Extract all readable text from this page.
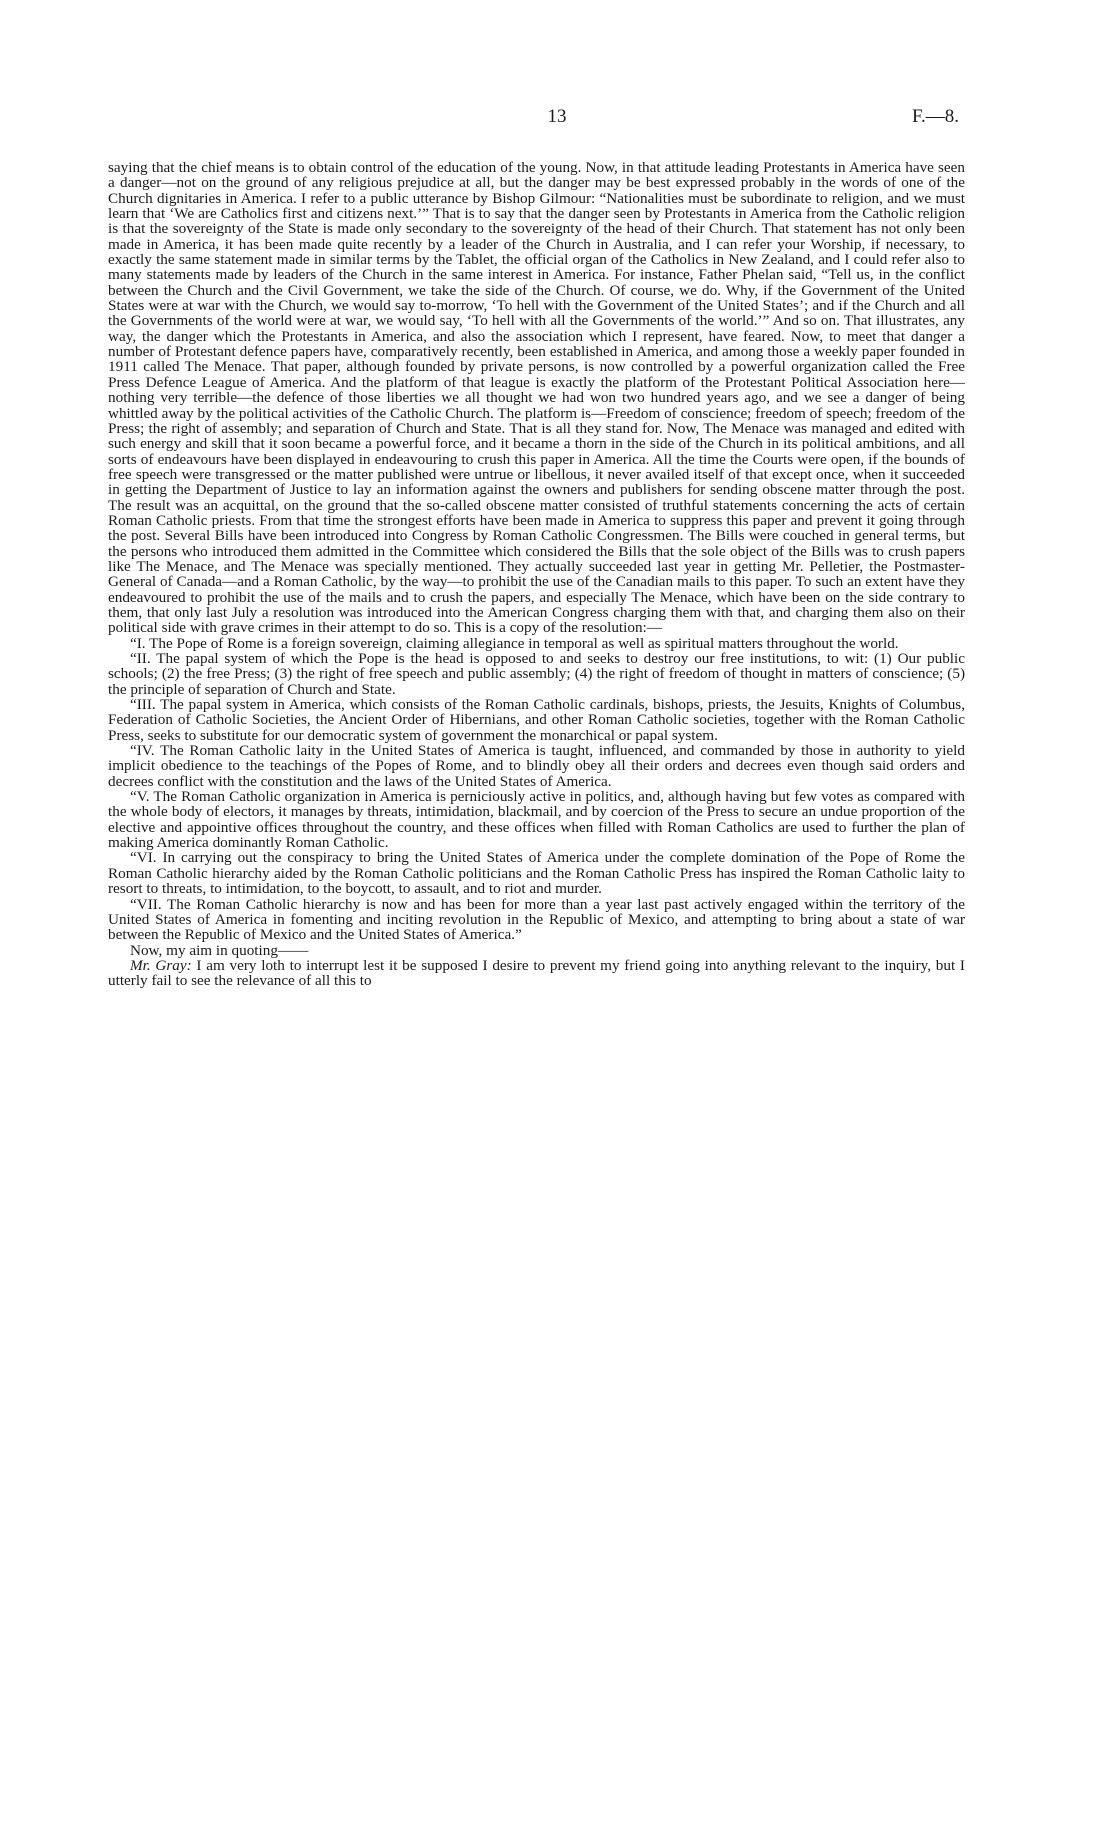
13	F.—8.

saying that the chief means is to obtain control of the education of the young. Now, in that attitude leading Protestants in America have seen a danger—not on the ground of any religious prejudice at all, but the danger may be best expressed probably in the words of one of the Church dignitaries in America. I refer to a public utterance by Bishop Gilmour: “Nationalities must be subordinate to religion, and we must learn that ‘We are Catholics first and citizens next.’” That is to say that the danger seen by Protestants in America from the Catholic religion is that the sovereignty of the State is made only secondary to the sovereignty of the head of their Church. That statement has not only been made in America, it has been made quite recently by a leader of the Church in Australia, and I can refer your Worship, if necessary, to exactly the same statement made in similar terms by the Tablet, the official organ of the Catholics in New Zealand, and I could refer also to many statements made by leaders of the Church in the same interest in America. For instance, Father Phelan said, “Tell us, in the conflict between the Church and the Civil Government, we take the side of the Church. Of course, we do. Why, if the Government of the United States were at war with the Church, we would say to-morrow, ‘To hell with the Government of the United States’; and if the Church and all the Governments of the world were at war, we would say, ‘To hell with all the Governments of the world.’” And so on. That illustrates, any way, the danger which the Protestants in America, and also the association which I represent, have feared. Now, to meet that danger a number of Protestant defence papers have, comparatively recently, been established in America, and among those a weekly paper founded in 1911 called The Menace. That paper, although founded by private persons, is now controlled by a powerful organization called the Free Press Defence League of America. And the platform of that league is exactly the platform of the Protestant Political Association here—nothing very terrible—the defence of those liberties we all thought we had won two hundred years ago, and we see a danger of being whittled away by the political activities of the Catholic Church. The platform is—Freedom of conscience; freedom of speech; freedom of the Press; the right of assembly; and separation of Church and State. That is all they stand for. Now, The Menace was managed and edited with such energy and skill that it soon became a powerful force, and it became a thorn in the side of the Church in its political ambitions, and all sorts of endeavours have been displayed in endeavouring to crush this paper in America. All the time the Courts were open, if the bounds of free speech were transgressed or the matter published were untrue or libellous, it never availed itself of that except once, when it succeeded in getting the Department of Justice to lay an information against the owners and publishers for sending obscene matter through the post. The result was an acquittal, on the ground that the so-called obscene matter consisted of truthful statements concerning the acts of certain Roman Catholic priests. From that time the strongest efforts have been made in America to suppress this paper and prevent it going through the post. Several Bills have been introduced into Congress by Roman Catholic Congressmen. The Bills were couched in general terms, but the persons who introduced them admitted in the Committee which considered the Bills that the sole object of the Bills was to crush papers like The Menace, and The Menace was specially mentioned. They actually succeeded last year in getting Mr. Pelletier, the Postmaster-General of Canada—and a Roman Catholic, by the way—to prohibit the use of the Canadian mails to this paper. To such an extent have they endeavoured to prohibit the use of the mails and to crush the papers, and especially The Menace, which have been on the side contrary to them, that only last July a resolution was introduced into the American Congress charging them with that, and charging them also on their political side with grave crimes in their attempt to do so. This is a copy of the resolution:—

“I. The Pope of Rome is a foreign sovereign, claiming allegiance in temporal as well as spiritual matters throughout the world.

“II. The papal system of which the Pope is the head is opposed to and seeks to destroy our free institutions, to wit: (1) Our public schools; (2) the free Press; (3) the right of free speech and public assembly; (4) the right of freedom of thought in matters of conscience; (5) the principle of separation of Church and State.

“III. The papal system in America, which consists of the Roman Catholic cardinals, bishops, priests, the Jesuits, Knights of Columbus, Federation of Catholic Societies, the Ancient Order of Hibernians, and other Roman Catholic societies, together with the Roman Catholic Press, seeks to substitute for our democratic system of government the monarchical or papal system.

“IV. The Roman Catholic laity in the United States of America is taught, influenced, and commanded by those in authority to yield implicit obedience to the teachings of the Popes of Rome, and to blindly obey all their orders and decrees even though said orders and decrees conflict with the constitution and the laws of the United States of America.

“V. The Roman Catholic organization in America is perniciously active in politics, and, although having but few votes as compared with the whole body of electors, it manages by threats, intimidation, blackmail, and by coercion of the Press to secure an undue proportion of the elective and appointive offices throughout the country, and these offices when filled with Roman Catholics are used to further the plan of making America dominantly Roman Catholic.

“VI. In carrying out the conspiracy to bring the United States of America under the complete domination of the Pope of Rome the Roman Catholic hierarchy aided by the Roman Catholic politicians and the Roman Catholic Press has inspired the Roman Catholic laity to resort to threats, to intimidation, to the boycott, to assault, and to riot and murder.

“VII. The Roman Catholic hierarchy is now and has been for more than a year last past actively engaged within the territory of the United States of America in fomenting and inciting revolution in the Republic of Mexico, and attempting to bring about a state of war between the Republic of Mexico and the United States of America.”

Now, my aim in quoting——

Mr. Gray: I am very loth to interrupt lest it be supposed I desire to prevent my friend going into anything relevant to the inquiry, but I utterly fail to see the relevance of all this to
